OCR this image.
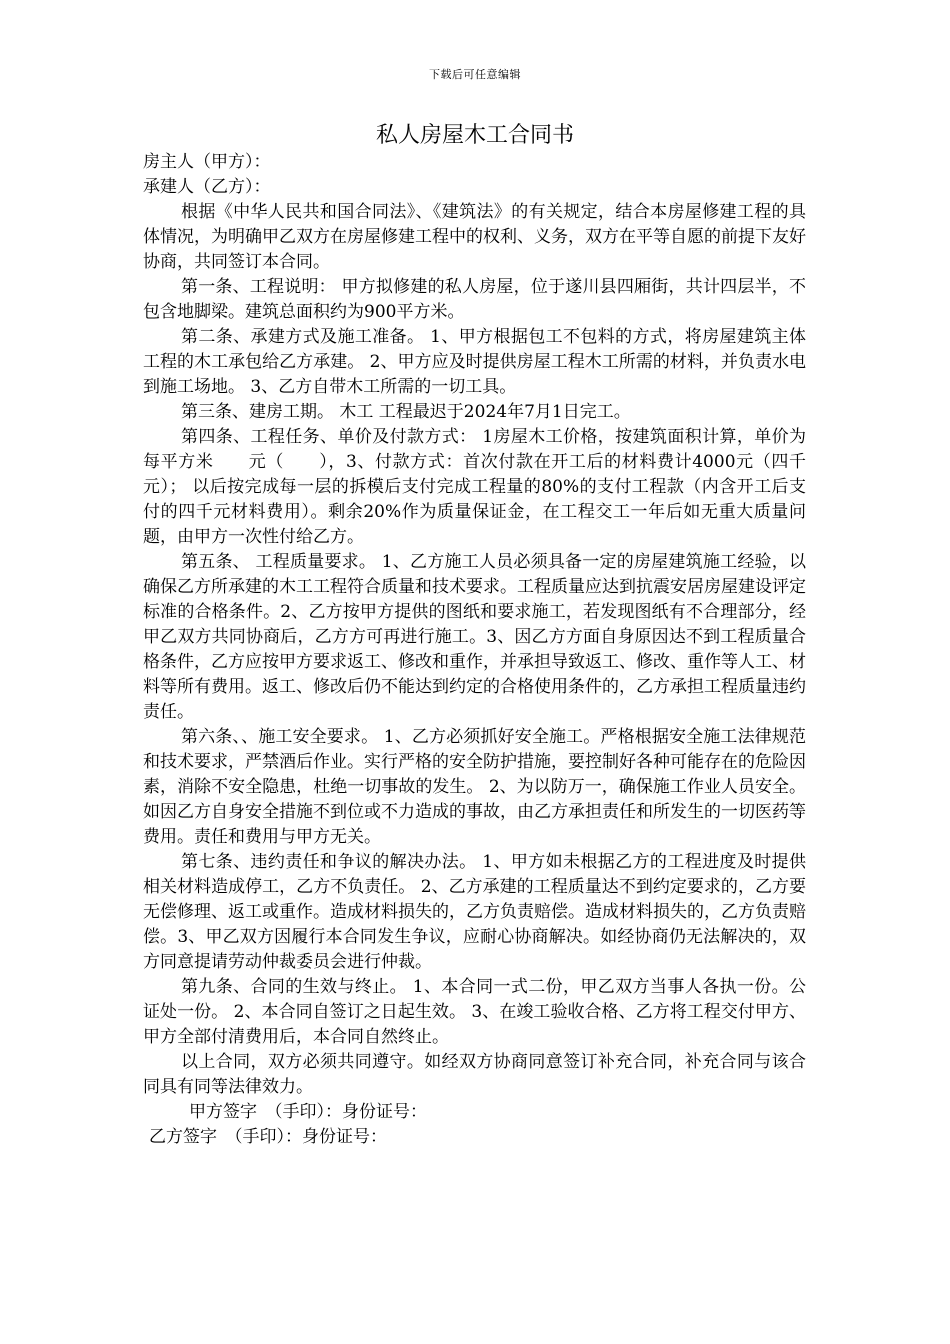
下载后可任意编辑
私人房屋木工合同书

房主人（甲方）：

承建人（乙方）：

根据《中华人民共和国合同法》、《建筑法》的有关规定，结合本房屋修建工程的具体情况，为明确甲乙双方在房屋修建工程中的权利、义务，双方在平等自愿的前提下友好协商，共同签订本合同。

第一条、工程说明： 甲方拟修建的私人房屋，位于遂川县四厢街，共计四层半，不包含地脚梁。建筑总面积约为900平方米。

第二条、承建方式及施工准备。 1、甲方根据包工不包料的方式，将房屋建筑主体工程的木工承包给乙方承建。 2、甲方应及时提供房屋工程木工所需的材料，并负责水电到施工场地。 3、乙方自带木工所需的一切工具。

第三条、建房工期。 木工 工程最迟于2024年7月1日完工。

第四条、工程任务、单价及付款方式： 1房屋木工价格，按建筑面积计算，单价为每平方米　　元（　　），3、付款方式：首次付款在开工后的材料费计4000元（四千元）； 以后按完成每一层的拆模后支付完成工程量的80%的支付工程款（内含开工后支付的四千元材料费用）。剩余20%作为质量保证金，在工程交工一年后如无重大质量问题，由甲方一次性付给乙方。

第五条、 工程质量要求。 1、乙方施工人员必须具备一定的房屋建筑施工经验，以确保乙方所承建的木工工程符合质量和技术要求。工程质量应达到抗震安居房屋建设评定标准的合格条件。2、乙方按甲方提供的图纸和要求施工，若发现图纸有不合理部分，经甲乙双方共同协商后，乙方方可再进行施工。3、因乙方方面自身原因达不到工程质量合格条件，乙方应按甲方要求返工、修改和重作，并承担导致返工、修改、重作等人工、材料等所有费用。返工、修改后仍不能达到约定的合格使用条件的，乙方承担工程质量违约责任。

第六条、、施工安全要求。 1、乙方必须抓好安全施工。严格根据安全施工法律规范和技术要求，严禁酒后作业。实行严格的安全防护措施，要控制好各种可能存在的危险因素，消除不安全隐患，杜绝一切事故的发生。 2、为以防万一，确保施工作业人员安全。如因乙方自身安全措施不到位或不力造成的事故，由乙方承担责任和所发生的一切医药等费用。责任和费用与甲方无关。

第七条、违约责任和争议的解决办法。 1、甲方如未根据乙方的工程进度及时提供相关材料造成停工，乙方不负责任。 2、乙方承建的工程质量达不到约定要求的，乙方要无偿修理、返工或重作。造成材料损失的，乙方负责赔偿。造成材料损失的，乙方负责赔偿。3、甲乙双方因履行本合同发生争议，应耐心协商解决。如经协商仍无法解决的，双方同意提请劳动仲裁委员会进行仲裁。

第九条、合同的生效与终止。 1、本合同一式二份，甲乙双方当事人各执一份。公证处一份。 2、本合同自签订之日起生效。 3、在竣工验收合格、乙方将工程交付甲方、甲方全部付清费用后，本合同自然终止。

以上合同，双方必须共同遵守。如经双方协商同意签订补充合同，补充合同与该合同具有同等法律效力。

甲方签字　（手印）：身份证号：

乙方签字　（手印）：身份证号：
